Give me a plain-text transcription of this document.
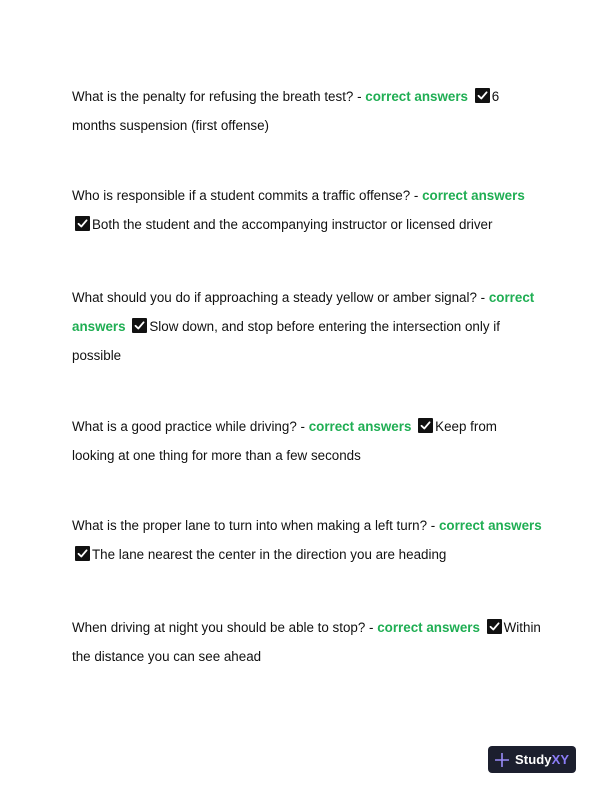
What is the penalty for refusing the breath test? - correct answers 6 months suspension (first offense)
Who is responsible if a student commits a traffic offense? - correct answers
Both the student and the accompanying instructor or licensed driver
What should you do if approaching a steady yellow or amber signal? - correct answers Slow down, and stop before entering the intersection only if possible
What is a good practice while driving? - correct answers Keep from looking at one thing for more than a few seconds
What is the proper lane to turn into when making a left turn? - correct answers
The lane nearest the center in the direction you are heading
When driving at night you should be able to stop? - correct answers Within the distance you can see ahead
StudyXY
